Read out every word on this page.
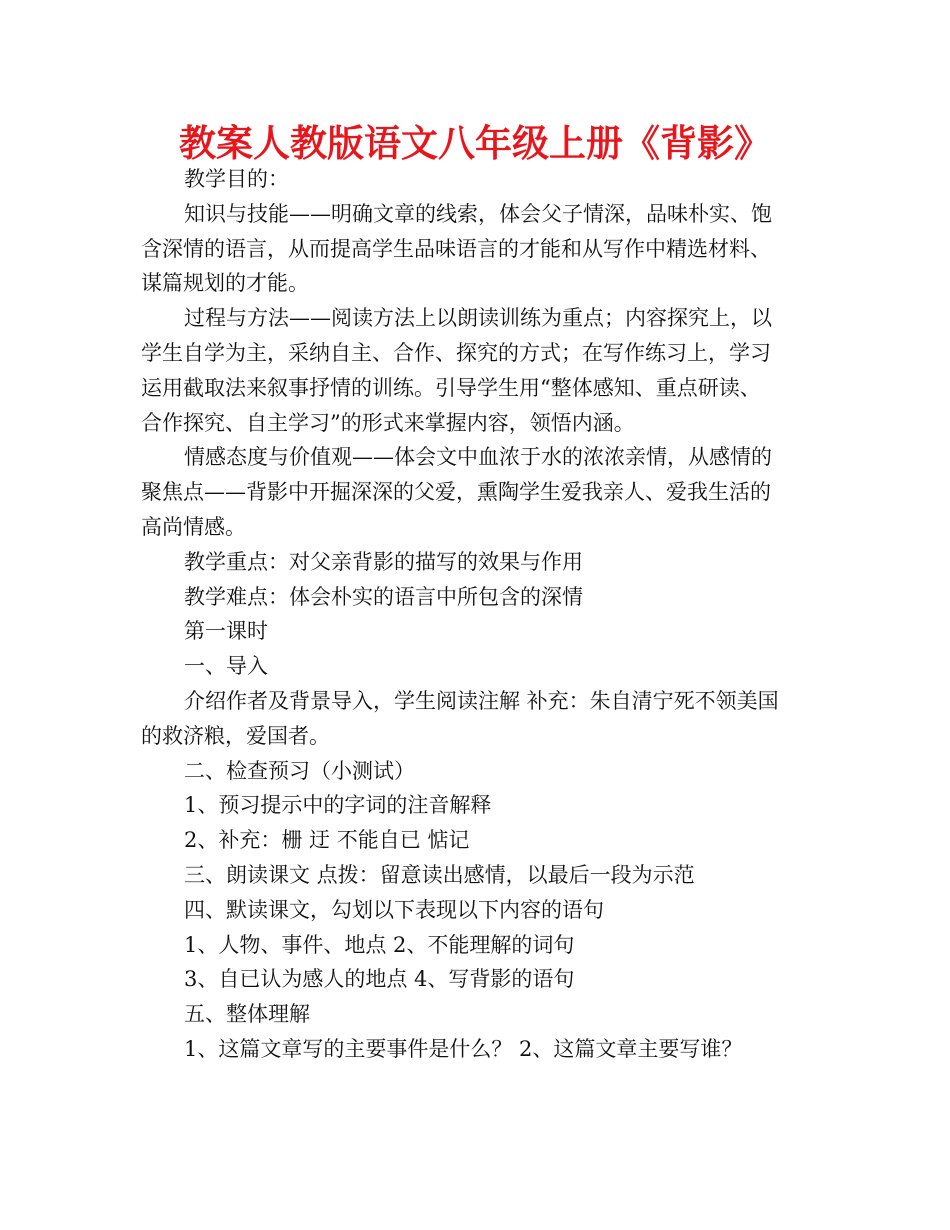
教案人教版语文八年级上册《背影》

教学目的：

知识与技能——明确文章的线索，体会父子情深，品味朴实、饱

含深情的语言，从而提高学生品味语言的才能和从写作中精选材料、

谋篇规划的才能。

过程与方法——阅读方法上以朗读训练为重点；内容探究上，以

学生自学为主，采纳自主、合作、探究的方式；在写作练习上，学习

运用截取法来叙事抒情的训练。引导学生用“整体感知、重点研读、

合作探究、自主学习”的形式来掌握内容，领悟内涵。

情感态度与价值观——体会文中血浓于水的浓浓亲情，从感情的

聚焦点——背影中开掘深深的父爱，熏陶学生爱我亲人、爱我生活的

高尚情感。

教学重点：对父亲背影的描写的效果与作用

教学难点：体会朴实的语言中所包含的深情

第一课时

一、导入

介绍作者及背景导入，学生阅读注解 补充：朱自清宁死不领美国

的救济粮，爱国者。

二、检查预习（小测试）

1、预习提示中的字词的注音解释

2、补充：栅 迂 不能自已 惦记

三、朗读课文 点拨：留意读出感情，以最后一段为示范

四、默读课文，勾划以下表现以下内容的语句

1、人物、事件、地点 2、不能理解的词句

3、自已认为感人的地点 4、写背影的语句

五、整体理解

1、这篇文章写的主要事件是什么？ 2、这篇文章主要写谁？
